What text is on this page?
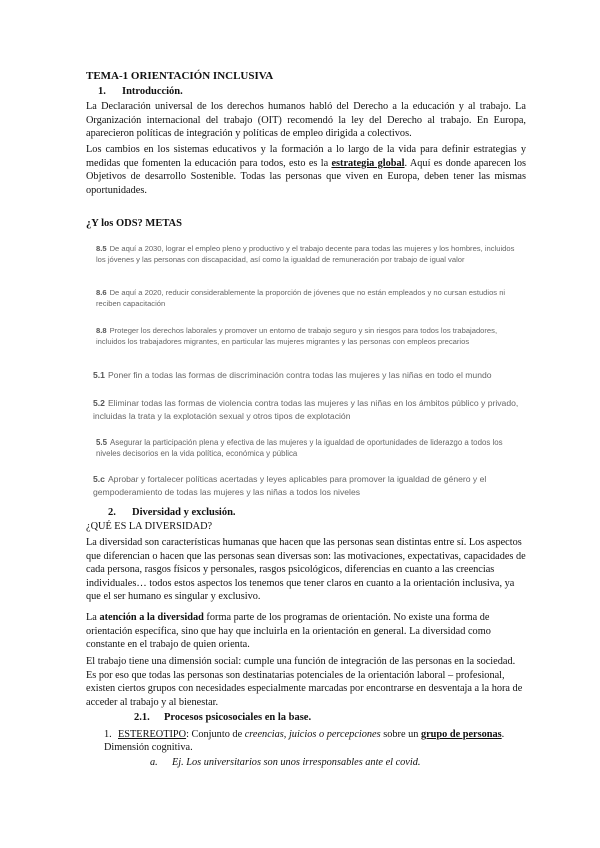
TEMA-1 ORIENTACIÓN INCLUSIVA
1. Introducción.
La Declaración universal de los derechos humanos habló del Derecho a la educación y al trabajo. La Organización internacional del trabajo (OIT) recomendó la ley del Derecho al trabajo. En Europa, aparecieron políticas de integración y políticas de empleo dirigida a colectivos.
Los cambios en los sistemas educativos y la formación a lo largo de la vida para definir estrategias y medidas que fomenten la educación para todos, esto es la estrategia global. Aquí es donde aparecen los Objetivos de desarrollo Sostenible. Todas las personas que viven en Europa, deben tener las mismas oportunidades.
¿Y los ODS? METAS
8.5 De aquí a 2030, lograr el empleo pleno y productivo y el trabajo decente para todas las mujeres y los hombres, incluidos los jóvenes y las personas con discapacidad, así como la igualdad de remuneración por trabajo de igual valor
8.6 De aquí a 2020, reducir considerablemente la proporción de jóvenes que no están empleados y no cursan estudios ni reciben capacitación
8.8 Proteger los derechos laborales y promover un entorno de trabajo seguro y sin riesgos para todos los trabajadores, incluidos los trabajadores migrantes, en particular las mujeres migrantes y las personas con empleos precarios
5.1 Poner fin a todas las formas de discriminación contra todas las mujeres y las niñas en todo el mundo
5.2 Eliminar todas las formas de violencia contra todas las mujeres y las niñas en los ámbitos público y privado, incluidas la trata y la explotación sexual y otros tipos de explotación
5.5 Asegurar la participación plena y efectiva de las mujeres y la igualdad de oportunidades de liderazgo a todos los niveles decisorios en la vida política, económica y pública
5.c Aprobar y fortalecer políticas acertadas y leyes aplicables para promover la igualdad de género y el gempoderamiento de todas las mujeres y las niñas a todos los niveles
2. Diversidad y exclusión.
¿QUÉ ES LA DIVERSIDAD?
La diversidad son características humanas que hacen que las personas sean distintas entre sí. Los aspectos que diferencian o hacen que las personas sean diversas son: las motivaciones, expectativas, capacidades de cada persona, rasgos físicos y personales, rasgos psicológicos, diferencias en cuanto a las creencias individuales… todos estos aspectos los tenemos que tener claros en cuanto a la orientación inclusiva, ya que el ser humano es singular y exclusivo.
La atención a la diversidad forma parte de los programas de orientación. No existe una forma de orientación específica, sino que hay que incluirla en la orientación en general. La diversidad como constante en el trabajo de quien orienta.
El trabajo tiene una dimensión social: cumple una función de integración de las personas en la sociedad. Es por eso que todas las personas son destinatarias potenciales de la orientación laboral – profesional, existen ciertos grupos con necesidades especialmente marcadas por encontrarse en desventaja a la hora de acceder al trabajo y al bienestar.
2.1. Procesos psicosociales en la base.
1. ESTEREOTIPO: Conjunto de creencias, juicios o percepciones sobre un grupo de personas. Dimensión cognitiva.
a. Ej. Los universitarios son unos irresponsables ante el covid.
